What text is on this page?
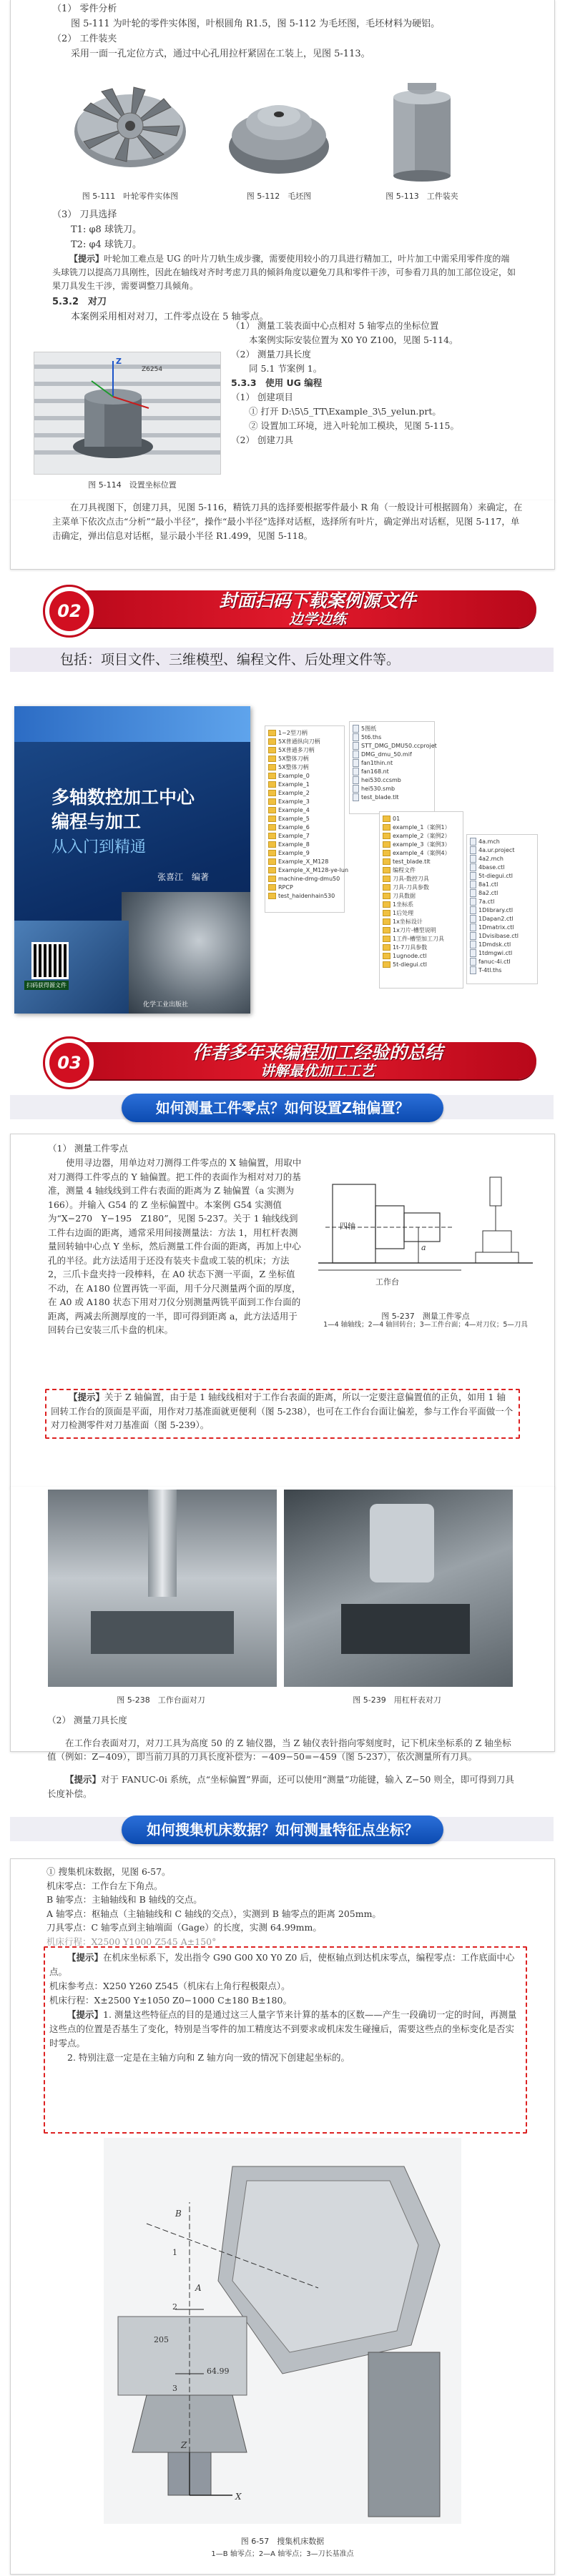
（1） 零件分析

图 5-111 为叶轮的零件实体图，叶根圆角 R1.5，图 5-112 为毛坯图，毛坯材料为硬铝。

（2） 工件装夹

采用一面一孔定位方式，通过中心孔用拉杆紧固在工装上，见图 5-113。

图 5-111　叶轮零件实体图	图 5-112　毛坯图	图 5-113　工件装夹

（3） 刀具选择

T1: φ8 球铣刀。

T2: φ4 球铣刀。

【提示】叶轮加工难点是 UG 的叶片刀轨生成步骤，需要使用较小的刀具进行精加工，叶片加工中需采用零件度的端头球铣刀以提高刀具刚性，因此在轴线对齐时考虑刀具的倾斜角度以避免刀具和零件干涉，可参看刀具的加工部位设定，如果刀具发生干涉，需要调整刀具倾角。

5.3.2　对刀

本案例采用相对对刀，工件零点设在 5 轴零点。

Z
Z6254
图 5-114　设置坐标位置

（1） 测量工装表面中心点相对 5 轴零点的坐标位置

本案例实际安装位置为 X0 Y0 Z100，见图 5-114。

（2） 测量刀具长度

同 5.1 节案例 1。

5.3.3　使用 UG 编程

（1） 创建项目

① 打开 D:\5\5_TT\Example_3\5_yelun.prt。

② 设置加工环境，进入叶轮加工模块，见图 5-115。

（2） 创建刀具

在刀具视图下，创建刀具，见图 5-116，精铣刀具的选择要根据零件最小 R 角（一般设计可根据圆角）来确定，在主菜单下依次点击“分析”“最小半径”，操作“最小半径”选择对话框，选择所有叶片，确定弹出对话框，见图 5-117，单击确定，弹出信息对话框，显示最小半径 R1.499，见图 5-118。

02	封面扫码下载案例源文件
边学边练
包括：项目文件、三维模型、编程文件、后处理文件等。
多轴数控加工中心
编程与加工
从入门到精通
张喜江　编著
扫码获得源文件
化学工业出版社
1~2型刀柄
5X普通纵向刀柄
5X普通多刀柄
5X整体刀柄
5X整体刀柄
Example_0
Example_1
Example_2
Example_3
Example_4
Example_5
Example_6
Example_7
Example_8
Example_9
Example_X_M128
Example_X_M128-ye-lun
machine-dmg-dmu50
RPCP
test_haidenhain530
5图纸
5t6.ths
STT_DMG_DMU50.ccprojet
DMG_dmu_50.mif
fan1thin.nt
fan168.nt
hei530.ccsmb
hei530.smb
test_blade.tlt
01
example_1（案例1）
example_2（案例2）
example_3（案例3）
example_4（案例4）
test_blade.tlt
编程文件
刀具-数控刀具
刀具-刀具参数
刀具数据
1坐标系
1后处理
1x坐标设计
1x刀片-槽型说明
1工件-槽型加工刀具
1t-7刀具参数
1ugnode.ctl
5t-diegui.ctl
4a.mch
4a.ur.project
4a2.mch
4base.ctl
5t-diegui.ctl
8a1.ctl
8a2.ctl
7a.ctl
1Dlibrary.ctl
1Dapan2.ctl
1Dmatrix.ctl
1Dvisibase.ctl
1Dmdsk.ctl
1tdmgwi.ctl
fanuc-4i.ctl
T-4tl.ths
03	作者多年来编程加工经验的总结
讲解最优加工工艺
如何测量工件零点？如何设置Z轴偏置？

（1） 测量工件零点

使用寻边器，用单边对刀测得工件零点的 X 轴偏置，用取中对刀测得工件零点的 Y 轴偏置。把工件的表面作为相对对刀的基准，测量 4 轴线线到工件右表面的距离为 Z 轴偏置（a 实测为 166）。并输入 G54 的 Z 坐标偏置中。本案例 G54 实测值为“X−270　Y−195　Z180”，见图 5-237。关于 1 轴线线到工件右边面的距离，通常采用间接测量法：方法 1，用杠杆表测量回转轴中心点 Y 坐标，然后测量工件台面的距离，再加上中心孔的半径。此方法适用于还没有装夹卡盘或工装的机床；方法 2，三爪卡盘夹持一段棒料，在 A0 状态下测一平面，Z 坐标值不动，在 A180 位置再铣一平面，用千分尺测量两个面的厚度，在 A0 或 A180 状态下用对刀仪分别测量两铣平面到工作台面的距离，两减去所测厚度的一半，即可得到距离 a，此方法适用于回转台已安装三爪卡盘的机床。

四轴
a
工作台
图 5-237　测量工件零点
1—4 轴轴线；2—4 轴回转台；3—工件台面；4—对刀仪；5—刀具

【提示】关于 Z 轴偏置，由于是 1 轴线线相对于工作台表面的距离，所以一定要注意偏置值的正负，如用 1 轴回转工作台的顶面是平面，用作对刀基准面就更便利（图 5-238），也可在工作台台面让偏差，参与工作台平面做一个对刀检测零件对刀基准面（图 5-239）。

图 5-238　工作台面对刀	图 5-239　用杠杆表对刀

（2） 测量刀具长度

在工作台表面对刀，对刀工具为高度 50 的 Z 轴仪器，当 Z 轴仪表针指向零刻度时，记下机床坐标系的 Z 轴坐标值（例如：Z−409），即当前刀具的刀具长度补偿为：−409−50=−459（图 5-237），依次测量所有刀具。

【提示】对于 FANUC-0i 系统，点“坐标偏置”界面，还可以使用“测量”功能键，输入 Z−50 则全，即可得到刀具长度补偿。

如何搜集机床数据？如何测量特征点坐标？

① 搜集机床数据，见图 6-57。

机床零点：工作台左下角点。

B 轴零点：主轴轴线和 B 轴线的交点。

A 轴零点：枢轴点（主轴轴线和 C 轴线的交点），实测到 B 轴零点的距离 205mm。

刀具零点：C 轴零点到主轴端面（Gage）的长度，实测 64.99mm。

机床行程：X2500 Y1000 Z545 A±150°

【提示】在机床坐标系下，发出指令 G90 G00 X0 Y0 Z0 后，使枢轴点到达机床零点，编程零点：工作底面中心点。

机床参考点：X250 Y260 Z545（机床右上角行程极限点）。

机床行程：X±2500 Y±1050 Z0−1000 C±180 B±180。

【提示】1. 测量这些特征点的目的是通过这三人量字节来计算的基本的区数——产生一段确切一定的时间，再测量这些点的位置是否基生了变化，特别是当零件的加工精度达不到要求或机床发生碰撞后，需要这些点的坐标变化是否实时零点。

2. 特别注意一定是在主轴方向和 Z 轴方向一致的情况下创建起坐标的。

B
205
A
64.99
1
2
3
Z
X
图 6-57　搜集机床数据
1—B 轴零点；2—A 轴零点；3—刀长基准点
